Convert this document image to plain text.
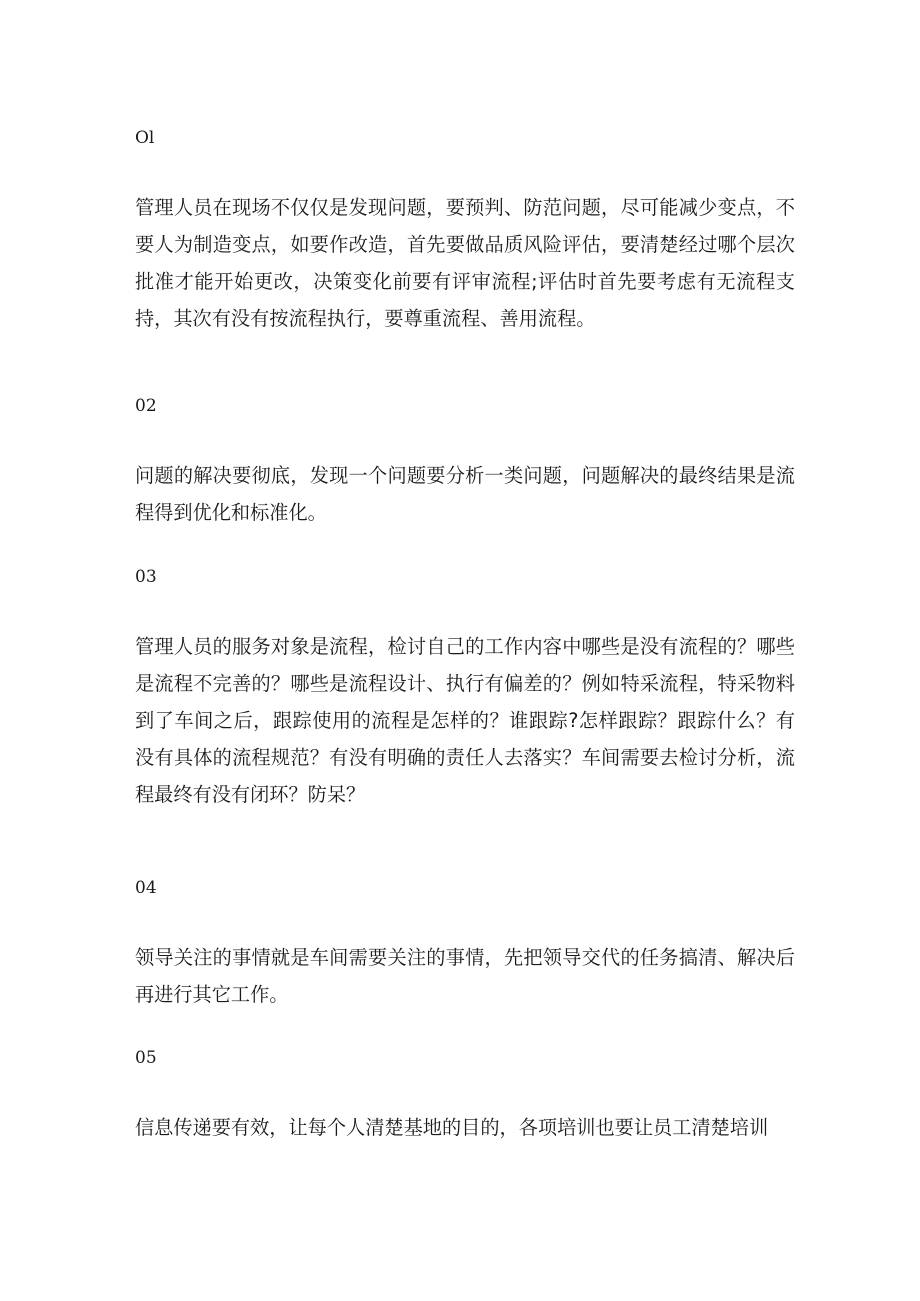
Ol
管理人员在现场不仅仅是发现问题，要预判、防范问题，尽可能减少变点，不要人为制造变点，如要作改造，首先要做品质风险评估，要清楚经过哪个层次批准才能开始更改，决策变化前要有评审流程;评估时首先要考虑有无流程支持，其次有没有按流程执行，要尊重流程、善用流程。
02
问题的解决要彻底，发现一个问题要分析一类问题，问题解决的最终结果是流程得到优化和标准化。
03
管理人员的服务对象是流程，检讨自己的工作内容中哪些是没有流程的？哪些是流程不完善的？哪些是流程设计、执行有偏差的？例如特采流程，特采物料到了车间之后，跟踪使用的流程是怎样的？谁跟踪?怎样跟踪？跟踪什么？有没有具体的流程规范？有没有明确的责任人去落实？车间需要去检讨分析，流程最终有没有闭环？防呆？
04
领导关注的事情就是车间需要关注的事情，先把领导交代的任务搞清、解决后再进行其它工作。
05
信息传递要有效，让每个人清楚基地的目的，各项培训也要让员工清楚培训
